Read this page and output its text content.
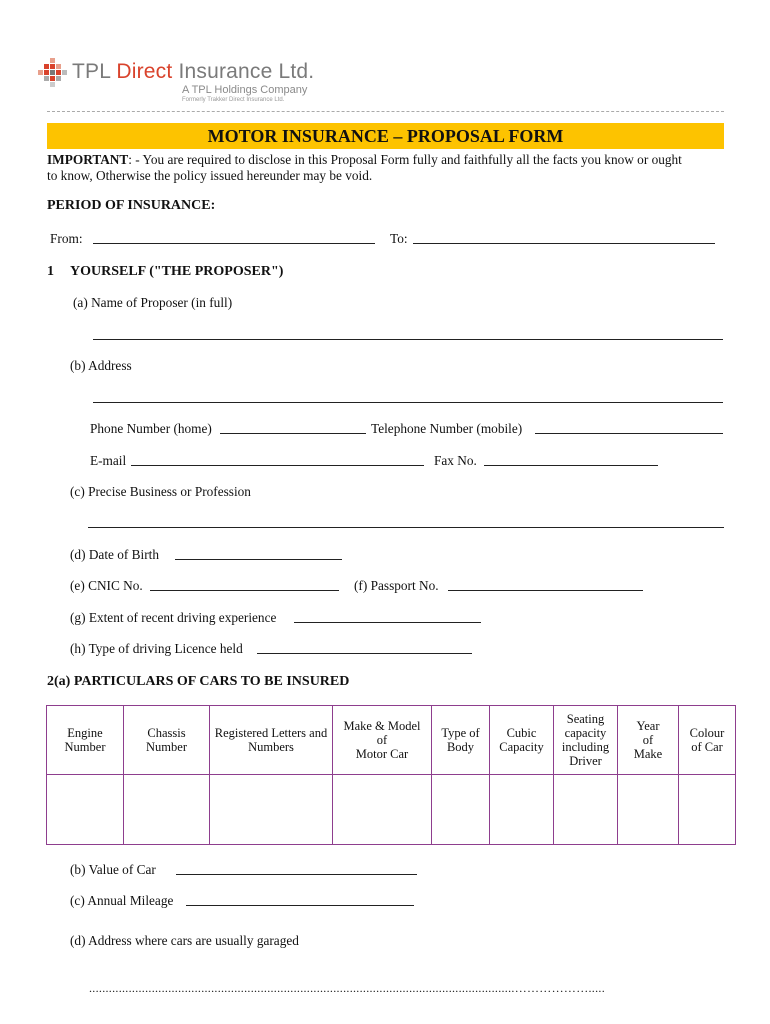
TPL Direct Insurance Ltd.
A TPL Holdings Company
Formerly Trakker Direct Insurance Ltd.
MOTOR INSURANCE – PROPOSAL FORM
IMPORTANT: - You are required to disclose in this Proposal Form fully and faithfully all the facts you know or ought
to know, Otherwise the policy issued hereunder may be void.
PERIOD OF INSURANCE:
From:	To:
1 YOURSELF ("THE PROPOSER")
(a) Name of Proposer (in full)
(b) Address
Phone Number (home)	Telephone Number (mobile)
E-mail	Fax No.
(c) Precise Business or Profession
(d) Date of Birth
(e) CNIC No.	(f) Passport No.
(g) Extent of recent driving experience
(h) Type of driving Licence held
2(a) PARTICULARS OF CARS TO BE INSURED
Engine
Number	Chassis
Number	Registered Letters and
Numbers	Make & Model
of
Motor Car	Type of
Body	Cubic
Capacity	Seating
capacity
including
Driver	Year
of
Make	Colour
of Car

(b) Value of Car
(c) Annual Mileage
(d) Address where cars are usually garaged
.................................................................................................................................……………….....
